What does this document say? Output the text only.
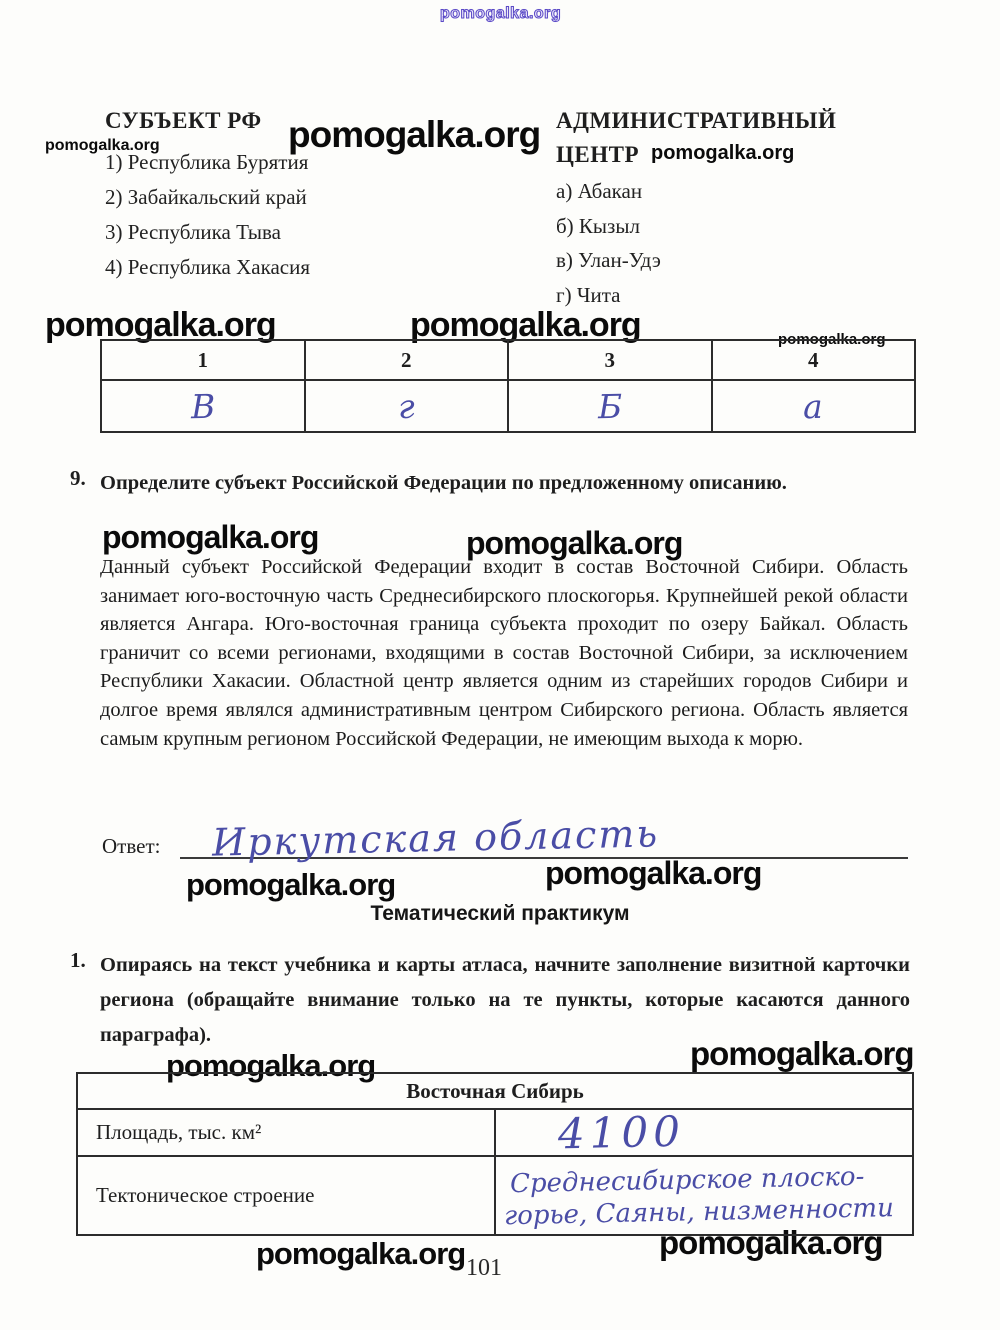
pomogalka.org
pomogalka.org
pomogalka.org	pomogalka.org
pomogalka.org	pomogalka.org	pomogalka.org
pomogalka.org	pomogalka.org
pomogalka.org	pomogalka.org
pomogalka.org	pomogalka.org
pomogalka.org	pomogalka.org
СУБЪЕКТ РФ
1) Республика Бурятия
2) Забайкальский край
3) Республика Тыва
4) Республика Хакасия
АДМИНИСТРАТИВНЫЙ
ЦЕНТР
а) Абакан
б) Кызыл
в) Улан-Удэ
г) Чита
1	2	3	4
В	г	Б	а
9. Определите субъект Российской Федерации по предложенному описанию.
Данный субъект Российской Федерации входит в состав Восточной Сибири. Область занимает юго-восточную часть Среднесибирского плоскогорья. Крупнейшей рекой области является Ангара. Юго-восточная граница субъекта проходит по озеру Байкал. Область граничит со всеми регионами, входящими в состав Восточной Сибири, за исключением Республики Хакасии. Областной центр является одним из старейших городов Сибири и долгое время являлся административным центром Сибирского региона. Область является самым крупным регионом Российской Федерации, не имеющим выхода к морю.
Ответ: Иркутская область
Тематический практикум
1. Опираясь на текст учебника и карты атласа, начните заполнение визитной карточки региона (обращайте внимание только на те пункты, которые касаются данного параграфа).
Восточная Сибирь	
Площадь, тыс. км²	4100
Тектоническое строение	Среднесибирское плоско-
горье, Саяны, низменности
101
